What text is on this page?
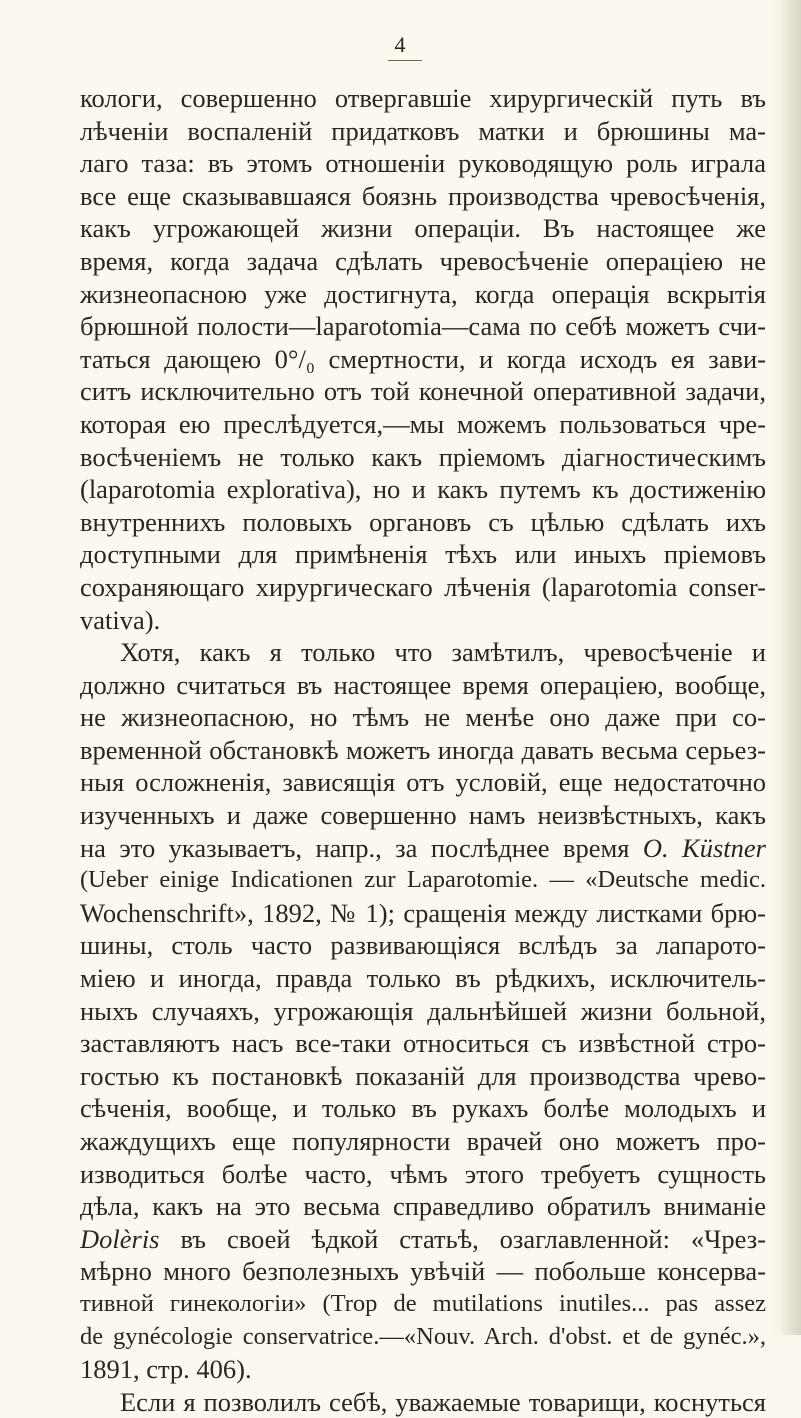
4
кологи, совершенно отвергавшіе хирургическій путь въ
лѣченіи воспаленій придатковъ матки и брюшины ма-
лаго таза: въ этомъ отношеніи руководящую роль играла
все еще сказывавшаяся боязнь производства чревосѣченія,
какъ угрожающей жизни операціи. Въ настоящее же
время, когда задача сдѣлать чревосѣченіе операціею не
жизнеопасною уже достигнута, когда операція вскрытія
брюшной полости—laparotomia—сама по себѣ можетъ счи-
таться дающею 0°/₀ смертности, и когда исходъ ея зави-
ситъ исключительно отъ той конечной оперативной задачи,
которая ею преслѣдуется,—мы можемъ пользоваться чре-
восѣченіемъ не только какъ пріемомъ діагностическимъ
(laparotomia explorativa), но и какъ путемъ къ достиженію
внутреннихъ половыхъ органовъ съ цѣлью сдѣлать ихъ
доступными для примѣненія тѣхъ или иныхъ пріемовъ
сохраняющаго хирургическаго лѣченія (laparotomia conser-
vativa).
Хотя, какъ я только что замѣтилъ, чревосѣченіе и
должно считаться въ настоящее время операціею, вообще,
не жизнеопасною, но тѣмъ не менѣе оно даже при со-
временной обстановкѣ можетъ иногда давать весьма серьез-
ныя осложненія, зависящія отъ условій, еще недостаточно
изученныхъ и даже совершенно намъ неизвѣстныхъ, какъ
на это указываетъ, напр., за послѣднее время O. Küstner
(Ueber einige Indicationen zur Laparotomie. — «Deutsche medic.
Wochenschrift», 1892, № 1); сращенія между листками брю-
шины, столь часто развивающіяся вслѣдъ за лапарото-
міею и иногда, правда только въ рѣдкихъ, исключитель-
ныхъ случаяхъ, угрожающія дальнѣйшей жизни больной,
заставляютъ насъ все-таки относиться съ извѣстной стро-
гостью къ постановкѣ показаній для производства чрево-
сѣченія, вообще, и только въ рукахъ болѣе молодыхъ и
жаждущихъ еще популярности врачей оно можетъ про-
изводиться болѣе часто, чѣмъ этого требуетъ сущность
дѣла, какъ на это весьма справедливо обратилъ вниманіе
Dolèris въ своей ѣдкой статьѣ, озаглавленной: «Чрез-
мѣрно много безполезныхъ увѣчій — побольше консерва-
тивной гинекологіи» (Trop de mutilations inutiles... pas assez
de gynécologie conservatrice.—«Nouv. Arch. d'obst. et de gynéc.»,
1891, стр. 406).
Если я позволилъ себѣ, уважаемые товарищи, коснуться
